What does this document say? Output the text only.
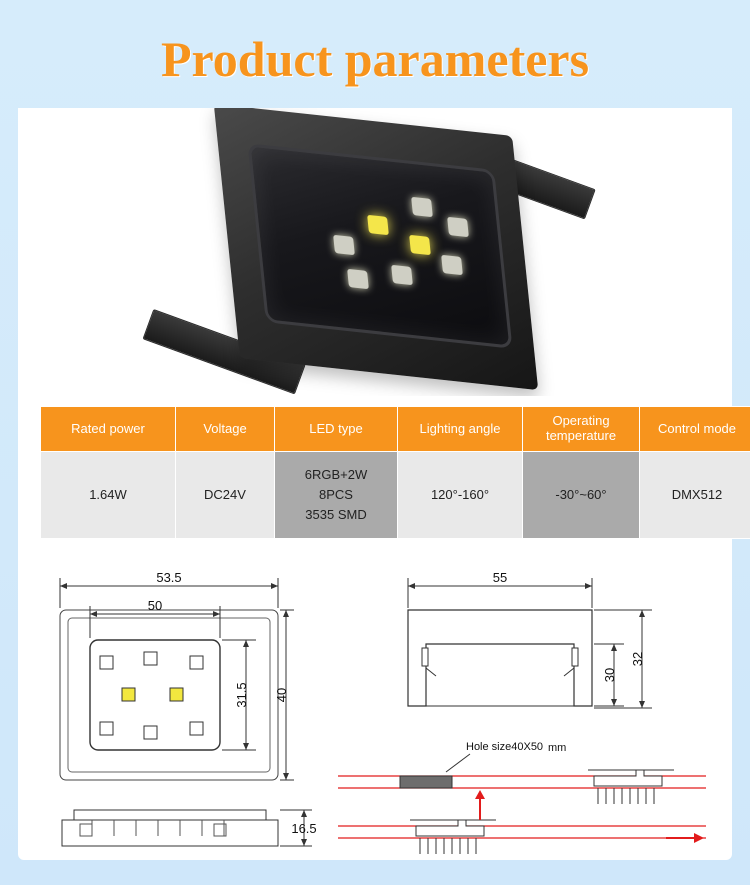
Product parameters
Rated power	Voltage	LED type	Lighting angle	Operating temperature	Control mode

1.64W	DC24V	6RGB+2W
8PCS
3535 SMD	120°-160°	-30°~60°	DMX512
53.5
50
31.5 40
55
30
32
16.5
Hole size40X50 mm
